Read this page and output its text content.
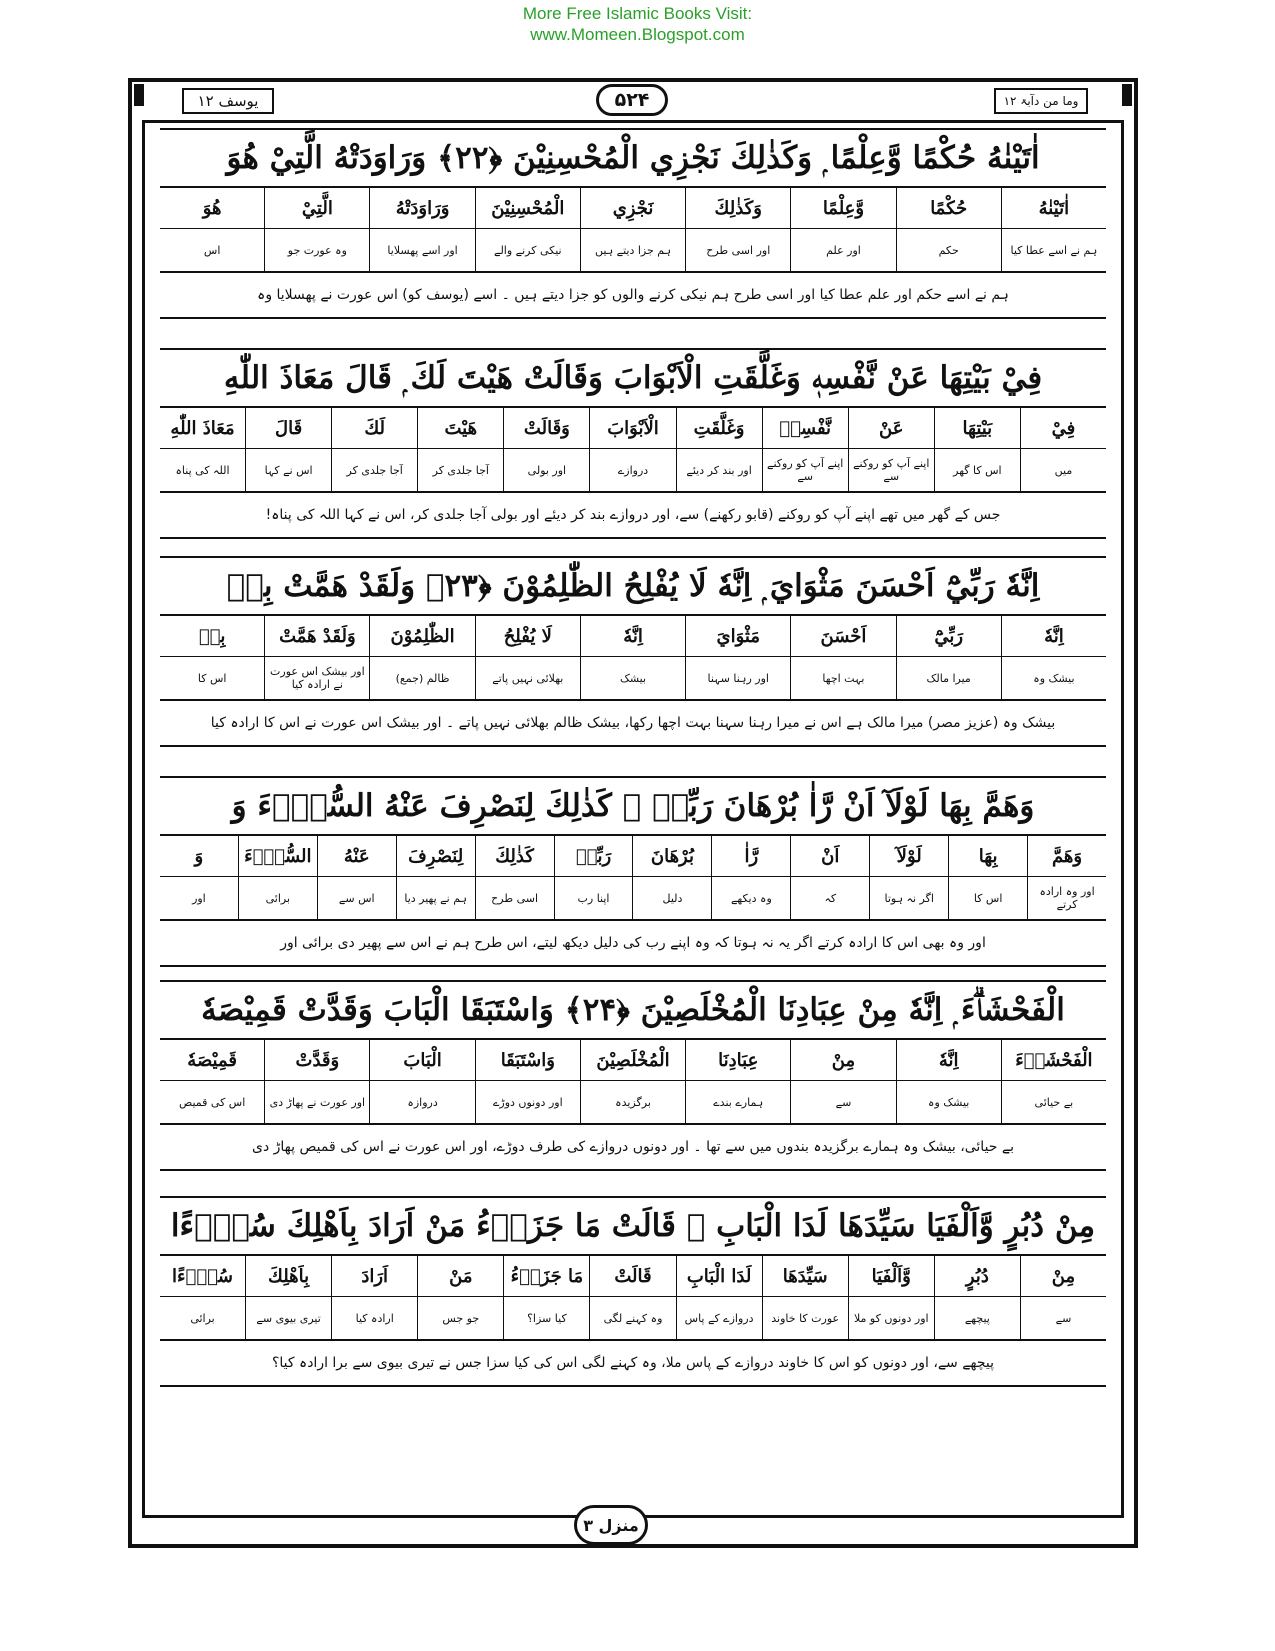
More Free Islamic Books Visit:
www.Momeen.Blogspot.com
یوسف ۱۲	۵۲۴	وما من دآبۃ ۱۲
اٰتَيْنٰهُ حُكْمًا وَّعِلْمًا ۭ وَكَذٰلِكَ نَجْزِي الْمُحْسِنِيْنَ ﴿۲۲﴾ وَرَاوَدَتْهُ الَّتِيْ هُوَ
اٰتَيْنٰهُ
ہم نے اسے عطا کیا
حُكْمًا
حکم
وَّعِلْمًا
اور علم
وَكَذٰلِكَ
اور اسی طرح
نَجْزِي
ہم جزا دیتے ہیں
الْمُحْسِنِيْنَ
نیکی کرنے والے
وَرَاوَدَتْهُ
اور اسے پھسلایا
الَّتِيْ
وہ عورت جو
هُوَ
اس
ہم نے اسے حکم اور علم عطا کیا اور اسی طرح ہم نیکی کرنے والوں کو جزا دیتے ہیں ۔ اسے (یوسف کو) اس عورت نے پھسلایا وہ
فِيْ بَيْتِهَا عَنْ نَّفْسِهٖ وَغَلَّقَتِ الْاَبْوَابَ وَقَالَتْ هَيْتَ لَكَ ۭ قَالَ مَعَاذَ اللّٰهِ
فِيْ
میں
بَيْتِهَا
اس کا گھر
عَنْ
اپنے آپ کو روکنے سے
نَّفْسِهٖ
اپنے آپ کو روکنے سے
وَغَلَّقَتِ
اور بند کر دیئے
الْاَبْوَابَ
دروازے
وَقَالَتْ
اور بولی
هَيْتَ
آجا جلدی کر
لَكَ
آجا جلدی کر
قَالَ
اس نے کہا
مَعَاذَ اللّٰهِ
اللہ کی پناہ
جس کے گھر میں تھے اپنے آپ کو روکنے (قابو رکھنے) سے، اور دروازے بند کر دیئے اور بولی آجا جلدی کر، اس نے کہا اللہ کی پناہ!
اِنَّهٗ رَبِّيْٓ اَحْسَنَ مَثْوَايَ ۭ اِنَّهٗ لَا يُفْلِحُ الظّٰلِمُوْنَ ﴿۲۳﴾ وَلَقَدْ هَمَّتْ بِهٖ
اِنَّهٗ
بیشک وہ
رَبِّيْٓ
میرا مالک
اَحْسَنَ
بہت اچھا
مَثْوَايَ
اور رہنا سہنا
اِنَّهٗ
بیشک
لَا يُفْلِحُ
بھلائی نہیں پاتے
الظّٰلِمُوْنَ
ظالم (جمع)
وَلَقَدْ هَمَّتْ
اور بیشک اس عورت نے ارادہ کیا
بِهٖ
اس کا
بیشک وہ (عزیز مصر) میرا مالک ہے اس نے میرا رہنا سہنا بہت اچھا رکھا، بیشک ظالم بھلائی نہیں پاتے ۔ اور بیشک اس عورت نے اس کا ارادہ کیا
وَهَمَّ بِهَا لَوْلَآ اَنْ رَّاٰ بُرْهَانَ رَبِّهٖ ۭ كَذٰلِكَ لِنَصْرِفَ عَنْهُ السُّوْۗءَ وَ
وَهَمَّ
اور وہ ارادہ کرتے
بِهَا
اس کا
لَوْلَآ
اگر نہ ہوتا
اَنْ
کہ
رَّاٰ
وہ دیکھے
بُرْهَانَ
دلیل
رَبِّهٖ
اپنا رب
كَذٰلِكَ
اسی طرح
لِنَصْرِفَ
ہم نے پھیر دیا
عَنْهُ
اس سے
السُّوْۗءَ
برائی
وَ
اور
اور وہ بھی اس کا ارادہ کرتے اگر یہ نہ ہوتا کہ وہ اپنے رب کی دلیل دیکھ لیتے، اس طرح ہم نے اس سے پھیر دی برائی اور
الْفَحْشَاۗءَ ۭ اِنَّهٗ مِنْ عِبَادِنَا الْمُخْلَصِيْنَ ﴿۲۴﴾ وَاسْتَبَقَا الْبَابَ وَقَدَّتْ قَمِيْصَهٗ
الْفَحْشَاۗءَ
بے حیائی
اِنَّهٗ
بیشک وہ
مِنْ
سے
عِبَادِنَا
ہمارے بندے
الْمُخْلَصِيْنَ
برگزیدہ
وَاسْتَبَقَا
اور دونوں دوڑے
الْبَابَ
دروازہ
وَقَدَّتْ
اور عورت نے پھاڑ دی
قَمِيْصَهٗ
اس کی قمیص
بے حیائی، بیشک وہ ہمارے برگزیدہ بندوں میں سے تھا ۔ اور دونوں دروازے کی طرف دوڑے، اور اس عورت نے اس کی قمیص پھاڑ دی
مِنْ دُبُرٍ وَّاَلْفَيَا سَيِّدَهَا لَدَا الْبَابِ ۭ قَالَتْ مَا جَزَاۗءُ مَنْ اَرَادَ بِاَهْلِكَ سُوْۗءًا
مِنْ
سے
دُبُرٍ
پیچھے
وَّاَلْفَيَا
اور دونوں کو ملا
سَيِّدَهَا
عورت کا خاوند
لَدَا الْبَابِ
دروازے کے پاس
قَالَتْ
وہ کہنے لگی
مَا جَزَاۗءُ
کیا سزا؟
مَنْ
جو جس
اَرَادَ
ارادہ کیا
بِاَهْلِكَ
تیری بیوی سے
سُوْۗءًا
برائی
پیچھے سے، اور دونوں کو اس کا خاوند دروازے کے پاس ملا، وہ کہنے لگی اس کی کیا سزا جس نے تیری بیوی سے برا ارادہ کیا؟
منزل ۳
